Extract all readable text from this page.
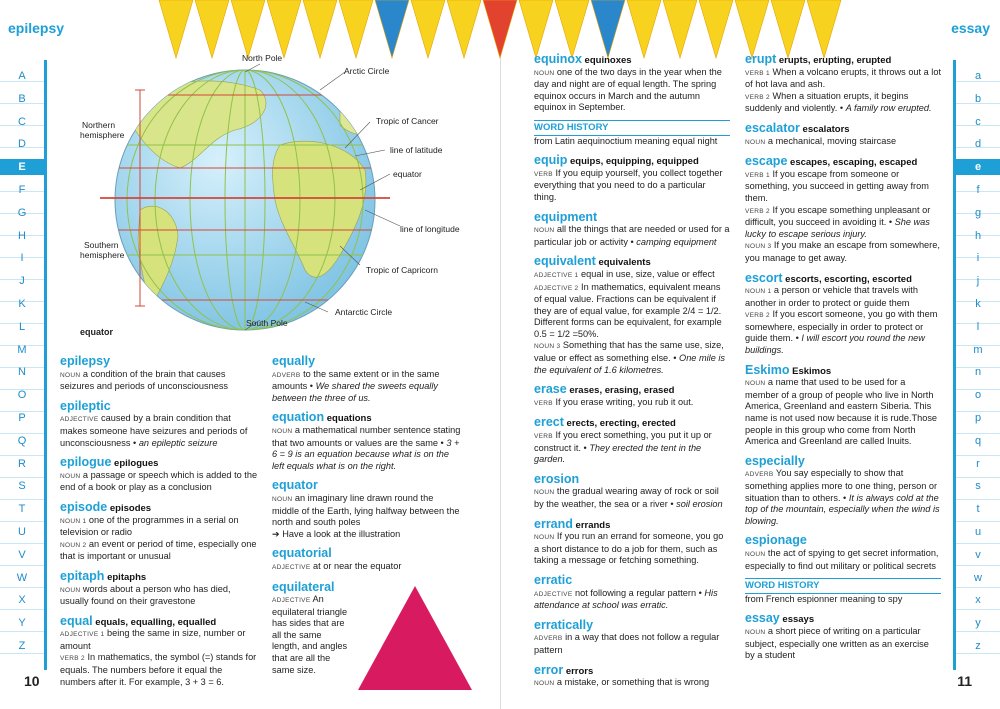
epilepsy	essay
A
B
C
D
E
F
G
H
I
J
K
L
M
N
O
P
Q
R
S
T
U
V
W
X
Y
Z
a
b
c
d
e
f
g
h
i
j
k
l
m
n
o
p
q
r
s
t
u
v
w
x
y
z
North Pole
Arctic Circle
Northern
hemisphere
Tropic of Cancer
line of latitude
equator
line of longitude
Southern
hemisphere
Tropic of Capricorn
Antarctic Circle
South Pole
equator
epilepsy
NOUN a condition of the brain that causes seizures and periods of unconsciousness
epileptic
ADJECTIVE caused by a brain condition that makes someone have seizures and periods of unconsciousness • an epileptic seizure
epilogue epilogues
NOUN a passage or speech which is added to the end of a book or play as a conclusion
episode episodes
NOUN 1 one of the programmes in a serial on television or radio
NOUN 2 an event or period of time, especially one that is important or unusual
epitaph epitaphs
NOUN words about a person who has died, usually found on their gravestone
equal equals, equalling, equalled
ADJECTIVE 1 being the same in size, number or amount
VERB 2 In mathematics, the symbol (=) stands for equals. The numbers before it equal the numbers after it. For example, 3 + 3 = 6.
equally
ADVERB to the same extent or in the same amounts • We shared the sweets equally between the three of us.
equation equations
NOUN a mathematical number sentence stating that two amounts or values are the same • 3 + 6 = 9 is an equation because what is on the left equals what is on the right.
equator
NOUN an imaginary line drawn round the middle of the Earth, lying halfway between the north and south poles
➔ Have a look at the illustration
equatorial
ADJECTIVE at or near the equator
equilateral
ADJECTIVE An equilateral triangle has sides that are all the same length, and angles that are all the same size.
equinox equinoxes
NOUN one of the two days in the year when the day and night are of equal length. The spring equinox occurs in March and the autumn equinox in September.
WORD HISTORY
from Latin aequinoctium meaning equal night
equip equips, equipping, equipped
VERB If you equip yourself, you collect together everything that you need to do a particular thing.
equipment
NOUN all the things that are needed or used for a particular job or activity • camping equipment
equivalent equivalents
ADJECTIVE 1 equal in use, size, value or effect
ADJECTIVE 2 In mathematics, equivalent means of equal value. Fractions can be equivalent if they are of equal value, for example 2/4 = 1/2. Different forms can be equivalent, for example 0.5 = 1/2 =50%.
NOUN 3 Something that has the same use, size, value or effect as something else. • One mile is the equivalent of 1.6 kilometres.
erase erases, erasing, erased
VERB If you erase writing, you rub it out.
erect erects, erecting, erected
VERB If you erect something, you put it up or construct it. • They erected the tent in the garden.
erosion
NOUN the gradual wearing away of rock or soil by the weather, the sea or a river • soil erosion
errand errands
NOUN If you run an errand for someone, you go a short distance to do a job for them, such as taking a message or fetching something.
erratic
ADJECTIVE not following a regular pattern • His attendance at school was erratic.
erratically
ADVERB in a way that does not follow a regular pattern
error errors
NOUN a mistake, or something that is wrong
erupt erupts, erupting, erupted
VERB 1 When a volcano erupts, it throws out a lot of hot lava and ash.
VERB 2 When a situation erupts, it begins suddenly and violently. • A family row erupted.
escalator escalators
NOUN a mechanical, moving staircase
escape escapes, escaping, escaped
VERB 1 If you escape from someone or something, you succeed in getting away from them.
VERB 2 If you escape something unpleasant or difficult, you succeed in avoiding it. • She was lucky to escape serious injury.
NOUN 3 If you make an escape from somewhere, you manage to get away.
escort escorts, escorting, escorted
NOUN 1 a person or vehicle that travels with another in order to protect or guide them
VERB 2 If you escort someone, you go with them somewhere, especially in order to protect or guide them. • I will escort you round the new buildings.
Eskimo Eskimos
NOUN a name that used to be used for a member of a group of people who live in North America, Greenland and eastern Siberia. This name is not used now because it is rude.Those people in this group who come from North America and Greenland are called Inuits.
especially
ADVERB You say especially to show that something applies more to one thing, person or situation than to others. • It is always cold at the top of the mountain, especially when the wind is blowing.
espionage
NOUN the act of spying to get secret information, especially to find out military or political secrets
WORD HISTORY
from French espionner meaning to spy
essay essays
NOUN a short piece of writing on a particular subject, especially one written as an exercise by a student
10	11
